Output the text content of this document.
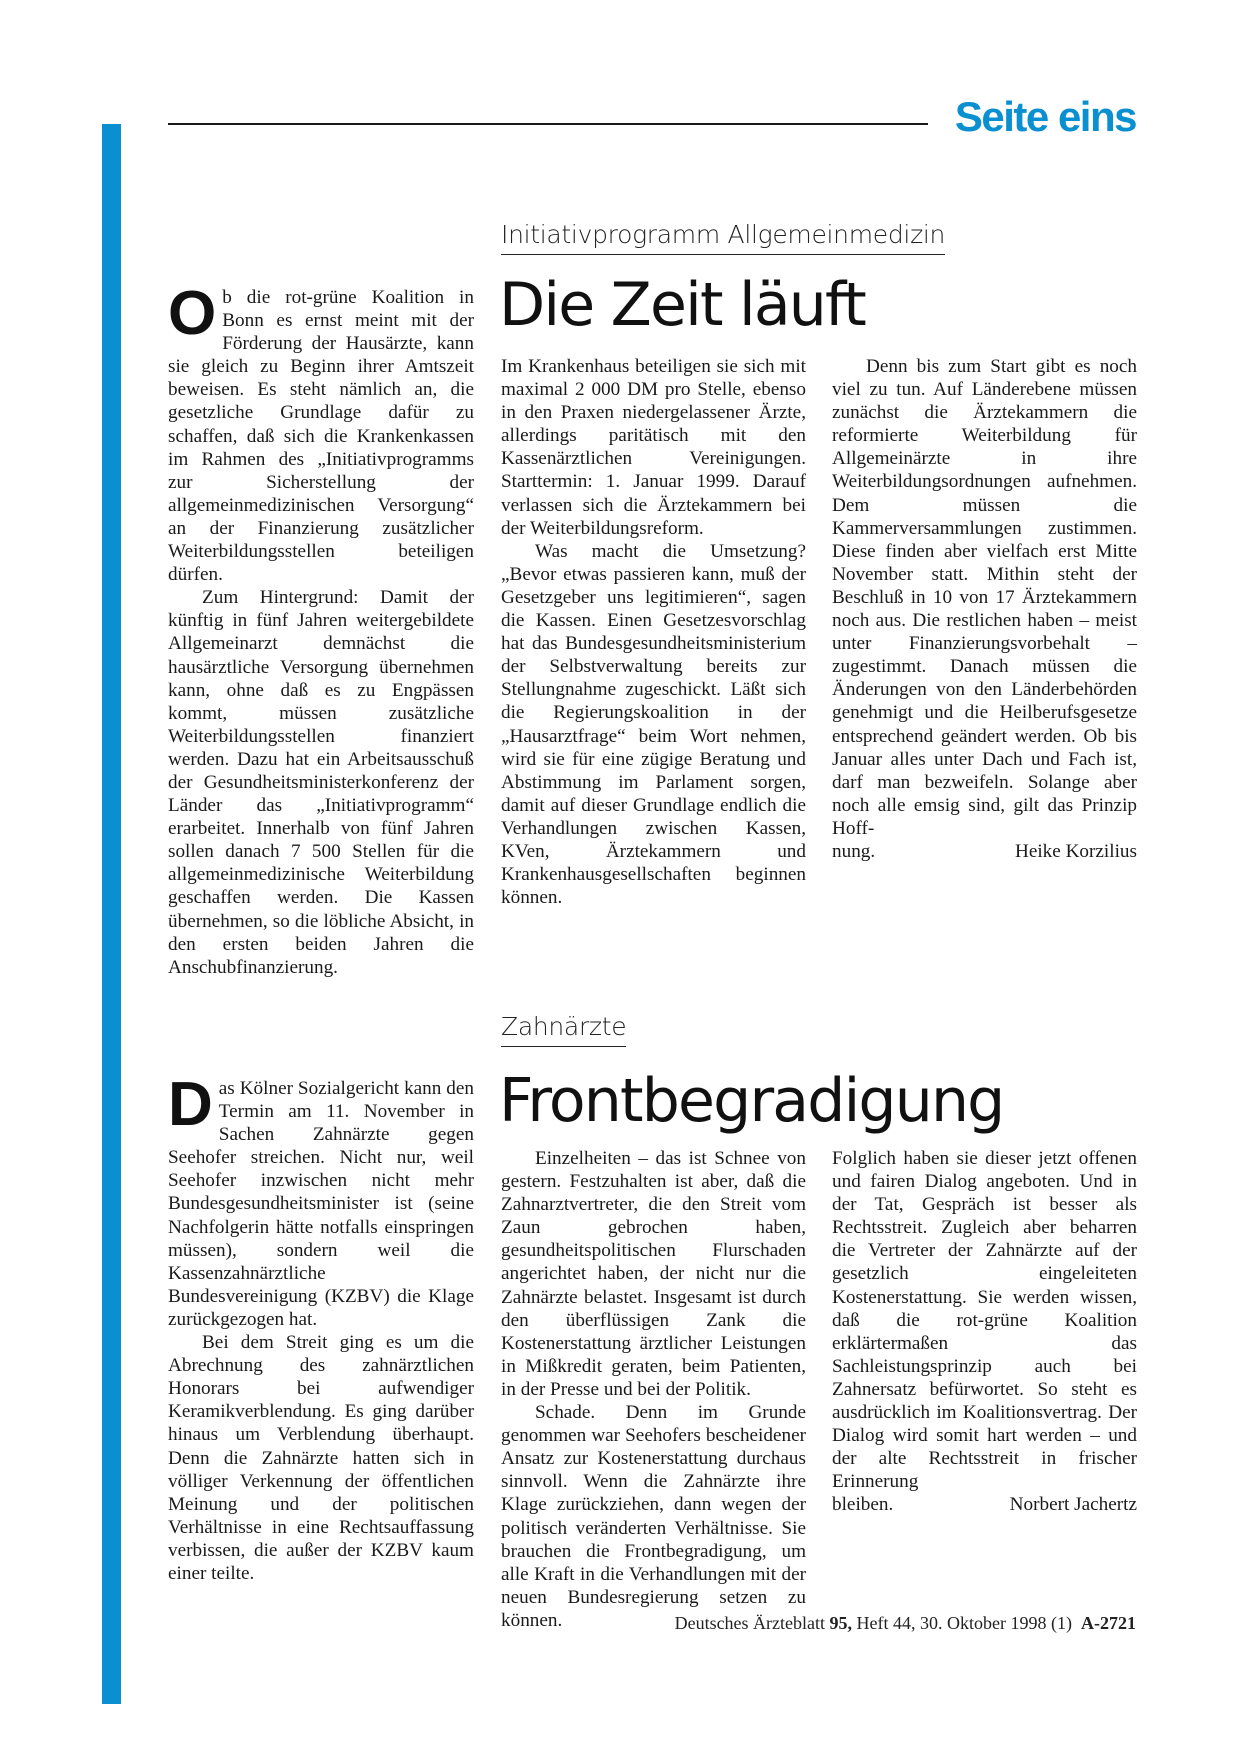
Seite eins
Initiativprogramm Allgemeinmedizin
Die Zeit läuft

Ob die rot-grüne Koalition in Bonn es ernst meint mit der Förderung der Hausärzte, kann sie gleich zu Beginn ihrer Amtszeit beweisen. Es steht nämlich an, die gesetzliche Grundlage dafür zu schaffen, daß sich die Krankenkassen im Rahmen des „Initiativprogramms zur Sicherstellung der allgemeinmedizinischen Versorgung“ an der Finanzierung zusätzlicher Weiterbildungsstellen beteiligen dürfen.

Zum Hintergrund: Damit der künftig in fünf Jahren weitergebildete Allgemeinarzt demnächst die hausärztliche Versorgung übernehmen kann, ohne daß es zu Engpässen kommt, müssen zusätzliche Weiterbildungsstellen finanziert werden. Dazu hat ein Arbeitsausschuß der Gesundheitsministerkonferenz der Länder das „Initiativprogramm“ erarbeitet. Innerhalb von fünf Jahren sollen danach 7 500 Stellen für die allgemeinmedizinische Weiterbildung geschaffen werden. Die Kassen übernehmen, so die löbliche Absicht, in den ersten beiden Jahren die Anschubfinanzierung.

Im Krankenhaus beteiligen sie sich mit maximal 2 000 DM pro Stelle, ebenso in den Praxen niedergelassener Ärzte, allerdings paritätisch mit den Kassenärztlichen Vereinigungen. Starttermin: 1. Januar 1999. Darauf verlassen sich die Ärztekammern bei der Weiterbildungsreform.

Was macht die Umsetzung? „Bevor etwas passieren kann, muß der Gesetzgeber uns legitimieren“, sagen die Kassen. Einen Gesetzesvorschlag hat das Bundesgesundheitsministerium der Selbstverwaltung bereits zur Stellungnahme zugeschickt. Läßt sich die Regierungskoalition in der „Hausarztfrage“ beim Wort nehmen, wird sie für eine zügige Beratung und Abstimmung im Parlament sorgen, damit auf dieser Grundlage endlich die Verhandlungen zwischen Kassen, KVen, Ärztekammern und Krankenhausgesellschaften beginnen können.

Denn bis zum Start gibt es noch viel zu tun. Auf Länderebene müssen zunächst die Ärztekammern die reformierte Weiterbildung für Allgemeinärzte in ihre Weiterbildungsordnungen aufnehmen. Dem müssen die Kammerversammlungen zustimmen. Diese finden aber vielfach erst Mitte November statt. Mithin steht der Beschluß in 10 von 17 Ärztekammern noch aus. Die restlichen haben – meist unter Finanzierungsvorbehalt – zugestimmt. Danach müssen die Änderungen von den Länderbehörden genehmigt und die Heilberufsgesetze entsprechend geändert werden. Ob bis Januar alles unter Dach und Fach ist, darf man bezweifeln. Solange aber noch alle emsig sind, gilt das Prinzip Hoff-

nung.	Heike Korzilius

Zahnärzte
Frontbegradigung

Das Kölner Sozialgericht kann den Termin am 11. November in Sachen Zahnärzte gegen Seehofer streichen. Nicht nur, weil Seehofer inzwischen nicht mehr Bundesgesundheitsminister ist (seine Nachfolgerin hätte notfalls einspringen müssen), sondern weil die Kassenzahnärztliche Bundesvereinigung (KZBV) die Klage zurückgezogen hat.

Bei dem Streit ging es um die Abrechnung des zahnärztlichen Honorars bei aufwendiger Keramikverblendung. Es ging darüber hinaus um Verblendung überhaupt. Denn die Zahnärzte hatten sich in völliger Verkennung der öffentlichen Meinung und der politischen Verhältnisse in eine Rechtsauffassung verbissen, die außer der KZBV kaum einer teilte.

Einzelheiten – das ist Schnee von gestern. Festzuhalten ist aber, daß die Zahnarztvertreter, die den Streit vom Zaun gebrochen haben, gesundheitspolitischen Flurschaden angerichtet haben, der nicht nur die Zahnärzte belastet. Insgesamt ist durch den überflüssigen Zank die Kostenerstattung ärztlicher Leistungen in Mißkredit geraten, beim Patienten, in der Presse und bei der Politik.

Schade. Denn im Grunde genommen war Seehofers bescheidener Ansatz zur Kostenerstattung durchaus sinnvoll. Wenn die Zahnärzte ihre Klage zurückziehen, dann wegen der politisch veränderten Verhältnisse. Sie brauchen die Frontbegradigung, um alle Kraft in die Verhandlungen mit der neuen Bundesregierung setzen zu können.

Folglich haben sie dieser jetzt offenen und fairen Dialog angeboten. Und in der Tat, Gespräch ist besser als Rechtsstreit. Zugleich aber beharren die Vertreter der Zahnärzte auf der gesetzlich eingeleiteten Kostenerstattung. Sie werden wissen, daß die rot-grüne Koalition erklärtermaßen das Sachleistungsprinzip auch bei Zahnersatz befürwortet. So steht es ausdrücklich im Koalitionsvertrag. Der Dialog wird somit hart werden – und der alte Rechtsstreit in frischer Erinnerung

bleiben.	Norbert Jachertz

Deutsches Ärzteblatt 95, Heft 44, 30. Oktober 1998 (1) A-2721
